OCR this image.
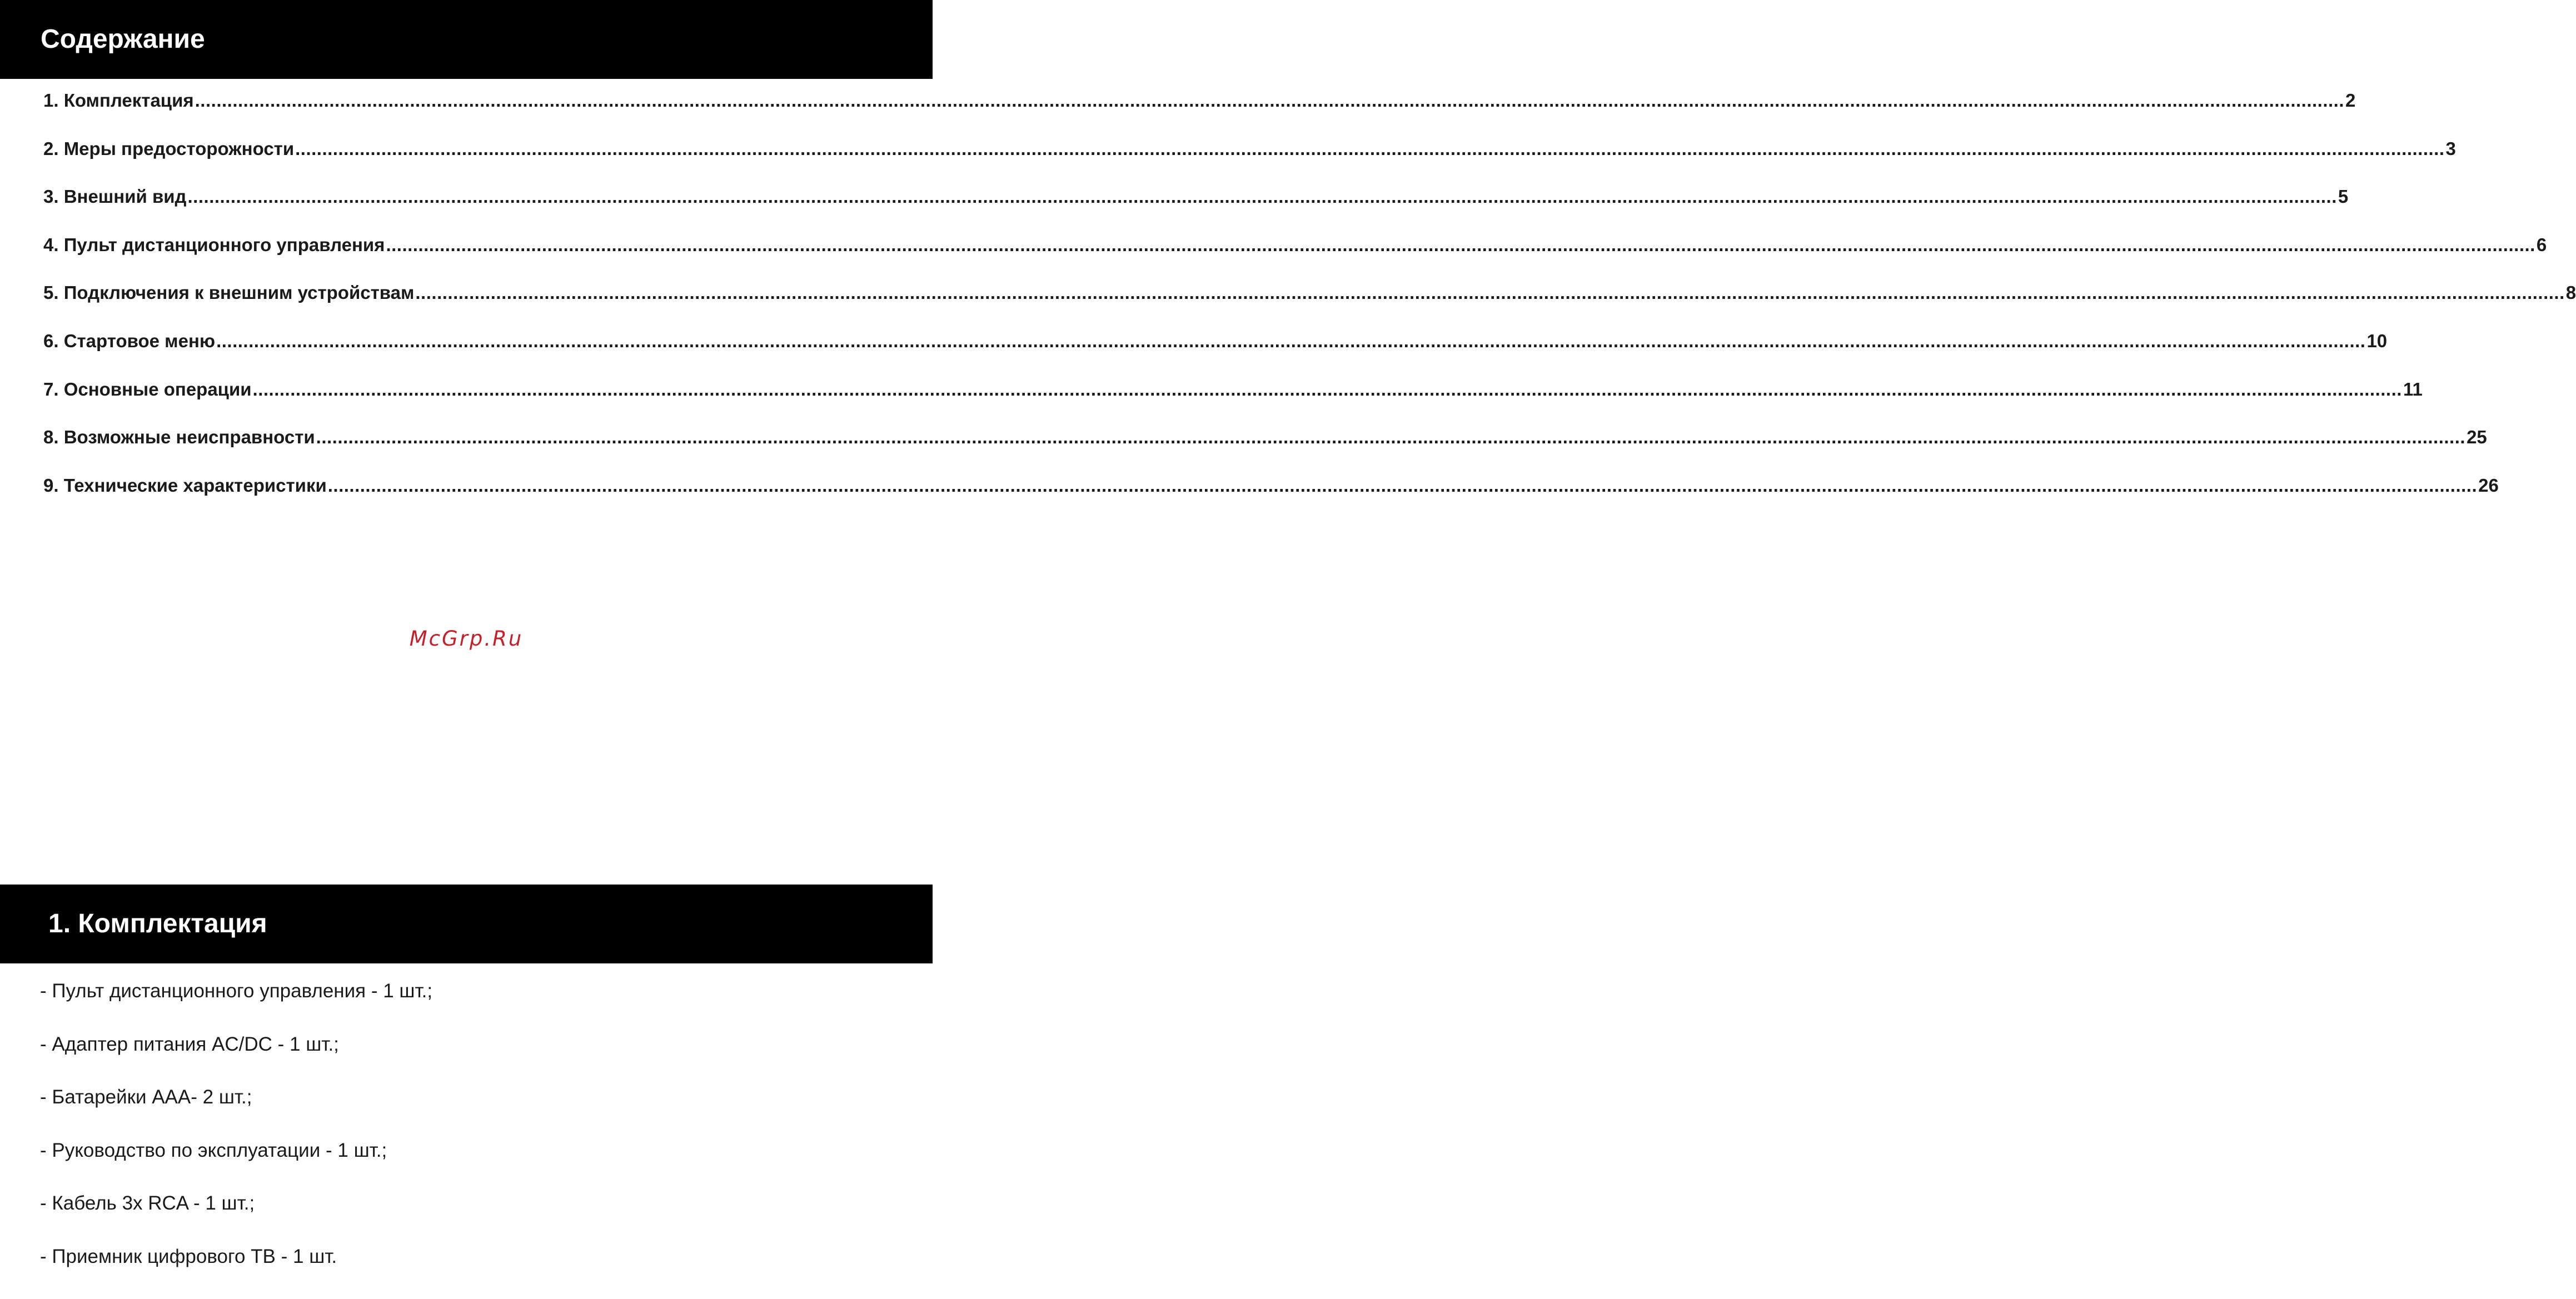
Содержание
1. Комплектация ................................................................................................................................................................................................................................................................................................................................................................................................................ 2
2. Меры предосторожности ................................................................................................................................................................................................................................................................................................................................................................................................................ 3
3. Внешний вид ................................................................................................................................................................................................................................................................................................................................................................................................................ 5
4. Пульт дистанционного управления ................................................................................................................................................................................................................................................................................................................................................................................................................ 6
5. Подключения к внешним устройствам ................................................................................................................................................................................................................................................................................................................................................................................................................ 8
6. Стартовое меню ................................................................................................................................................................................................................................................................................................................................................................................................................ 10
7. Основные операции ................................................................................................................................................................................................................................................................................................................................................................................................................ 11
8. Возможные неисправности ................................................................................................................................................................................................................................................................................................................................................................................................................ 25
9. Технические характеристики ................................................................................................................................................................................................................................................................................................................................................................................................................ 26
McGrp.Ru
1. Комплектация
- Пульт дистанционного управления - 1 шт.;
- Адаптер питания AC/DC - 1 шт.;
- Батарейки AAA- 2 шт.;
- Руководство по эксплуатации - 1 шт.;
- Кабель 3х RCA - 1 шт.;
- Приемник цифрового ТВ - 1 шт.
